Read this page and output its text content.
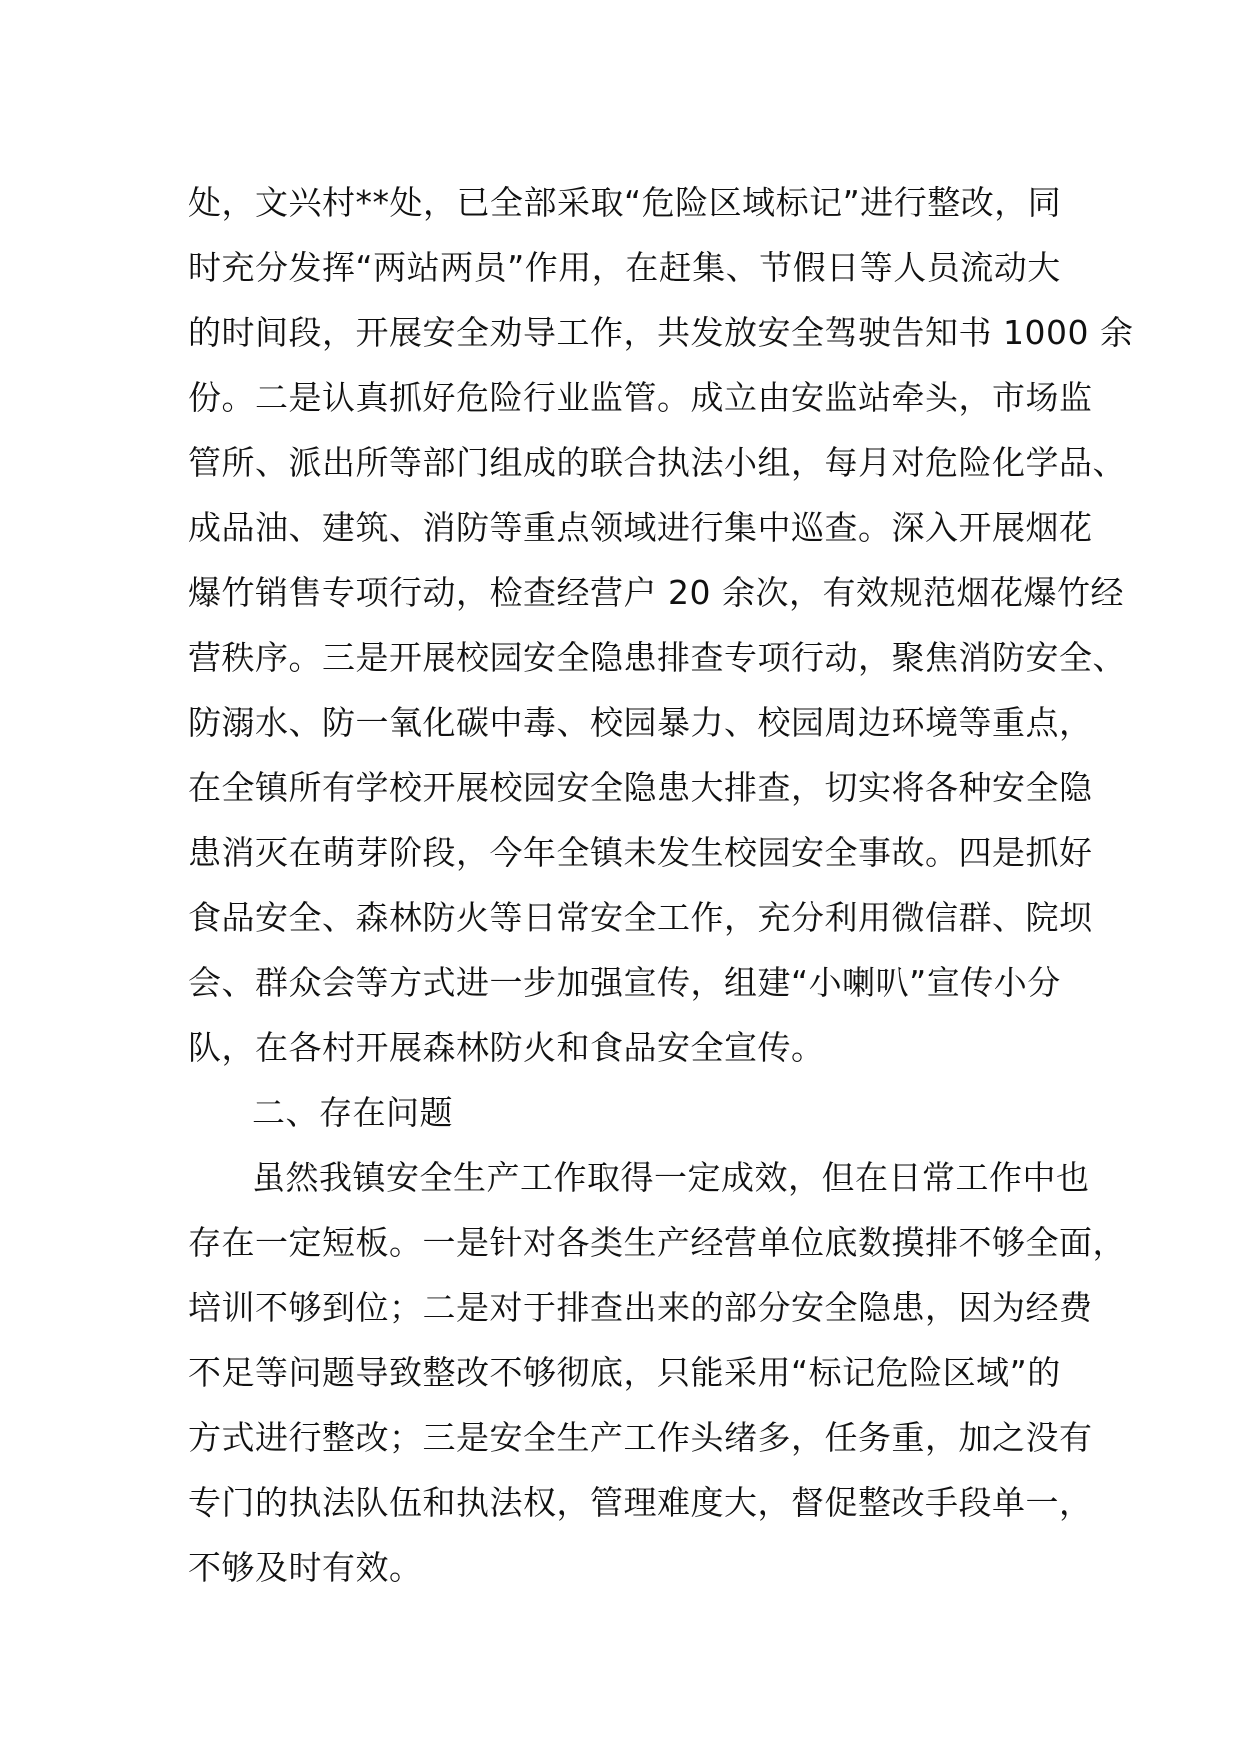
处，文兴村**处，已全部采取“危险区域标记”进行整改，同
时充分发挥“两站两员”作用，在赶集、节假日等人员流动大
的时间段，开展安全劝导工作，共发放安全驾驶告知书 1000 余
份。二是认真抓好危险行业监管。成立由安监站牵头，市场监
管所、派出所等部门组成的联合执法小组，每月对危险化学品、
成品油、建筑、消防等重点领域进行集中巡查。深入开展烟花
爆竹销售专项行动，检查经营户 20 余次，有效规范烟花爆竹经
营秩序。三是开展校园安全隐患排查专项行动，聚焦消防安全、
防溺水、防一氧化碳中毒、校园暴力、校园周边环境等重点，
在全镇所有学校开展校园安全隐患大排查，切实将各种安全隐
患消灭在萌芽阶段，今年全镇未发生校园安全事故。四是抓好
食品安全、森林防火等日常安全工作，充分利用微信群、院坝
会、群众会等方式进一步加强宣传，组建“小喇叭”宣传小分
队，在各村开展森林防火和食品安全宣传。
二、存在问题
虽然我镇安全生产工作取得一定成效，但在日常工作中也
存在一定短板。一是针对各类生产经营单位底数摸排不够全面，
培训不够到位；二是对于排查出来的部分安全隐患，因为经费
不足等问题导致整改不够彻底，只能采用“标记危险区域”的
方式进行整改；三是安全生产工作头绪多，任务重，加之没有
专门的执法队伍和执法权，管理难度大，督促整改手段单一，
不够及时有效。
